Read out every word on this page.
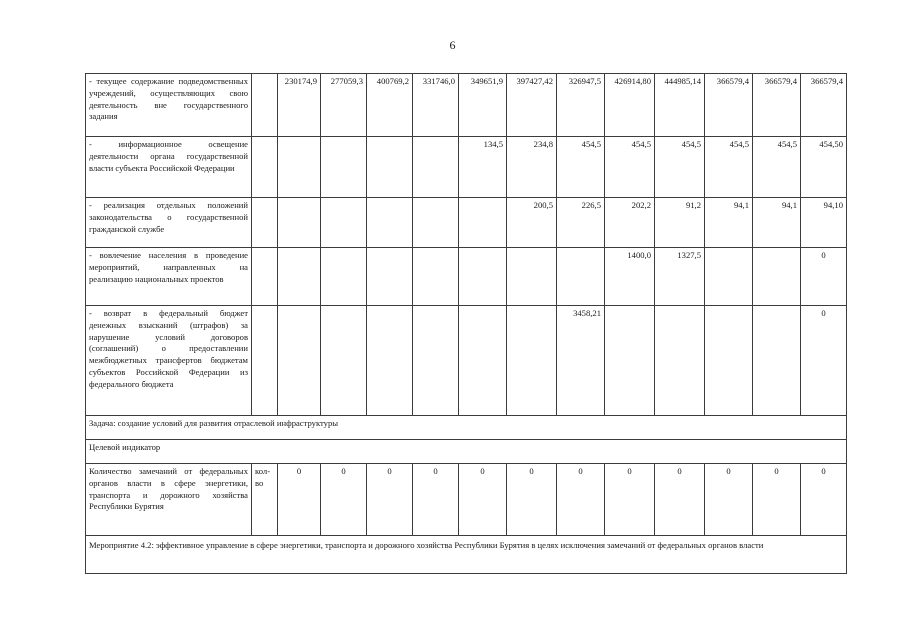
6
- текущее содержание подведомственных учреждений, осуществляющих свою деятельность вне государственного задания		230174,9	277059,3	400769,2	331746,0	349651,9	397427,42	326947,5	426914,80	444985,14	366579,4	366579,4	366579,4
- информационное освещение деятельности органа государственной власти субъекта Российской Федерации						134,5	234,8	454,5	454,5	454,5	454,5	454,5	454,50
- реализация отдельных положений законодательства о государственной гражданской службе							200,5	226,5	202,2	91,2	94,1	94,1	94,10
- вовлечение населения в проведение мероприятий, направленных на реализацию национальных проектов									1400,0	1327,5			0
- возврат в федеральный бюджет денежных взысканий (штрафов) за нарушение условий договоров (соглашений) о предоставлении межбюджетных трансфертов бюджетам субъектов Российской Федерации из федерального бюджета								3458,21					0
Задача: создание условий для развития отраслевой инфраструктуры													
Целевой индикатор													
Количество замечаний от федеральных органов власти в сфере энергетики, транспорта и дорожного хозяйства Республики Бурятия	кол-во	0	0	0	0	0	0	0	0	0	0	0	0
Мероприятие 4.2: эффективное управление в сфере энергетики, транспорта и дорожного хозяйства Республики Бурятия в целях исключения замечаний от федеральных органов власти													
